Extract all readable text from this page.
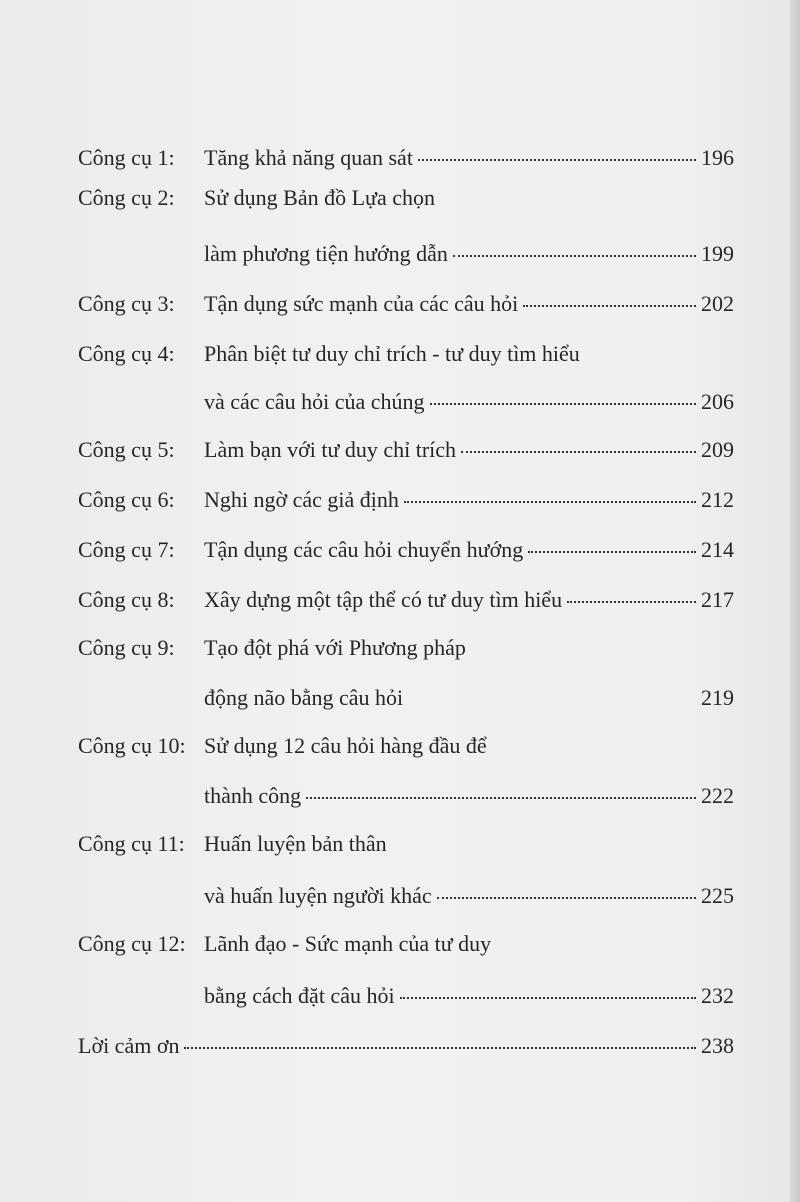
Công cụ 1: Tăng khả năng quan sát	196
Công cụ 2: Sử dụng Bản đồ Lựa chọn
làm phương tiện hướng dẫn	199
Công cụ 3: Tận dụng sức mạnh của các câu hỏi	202
Công cụ 4: Phân biệt tư duy chỉ trích - tư duy tìm hiểu
và các câu hỏi của chúng	206
Công cụ 5: Làm bạn với tư duy chỉ trích	209
Công cụ 6: Nghi ngờ các giả định	212
Công cụ 7: Tận dụng các câu hỏi chuyển hướng	214
Công cụ 8: Xây dựng một tập thể có tư duy tìm hiểu	217
Công cụ 9: Tạo đột phá với Phương pháp
động não bằng câu hỏi	219
Công cụ 10: Sử dụng 12 câu hỏi hàng đầu để
thành công	222
Công cụ 11: Huấn luyện bản thân
và huấn luyện người khác	225
Công cụ 12: Lãnh đạo - Sức mạnh của tư duy
bằng cách đặt câu hỏi	232
Lời cảm ơn	238
